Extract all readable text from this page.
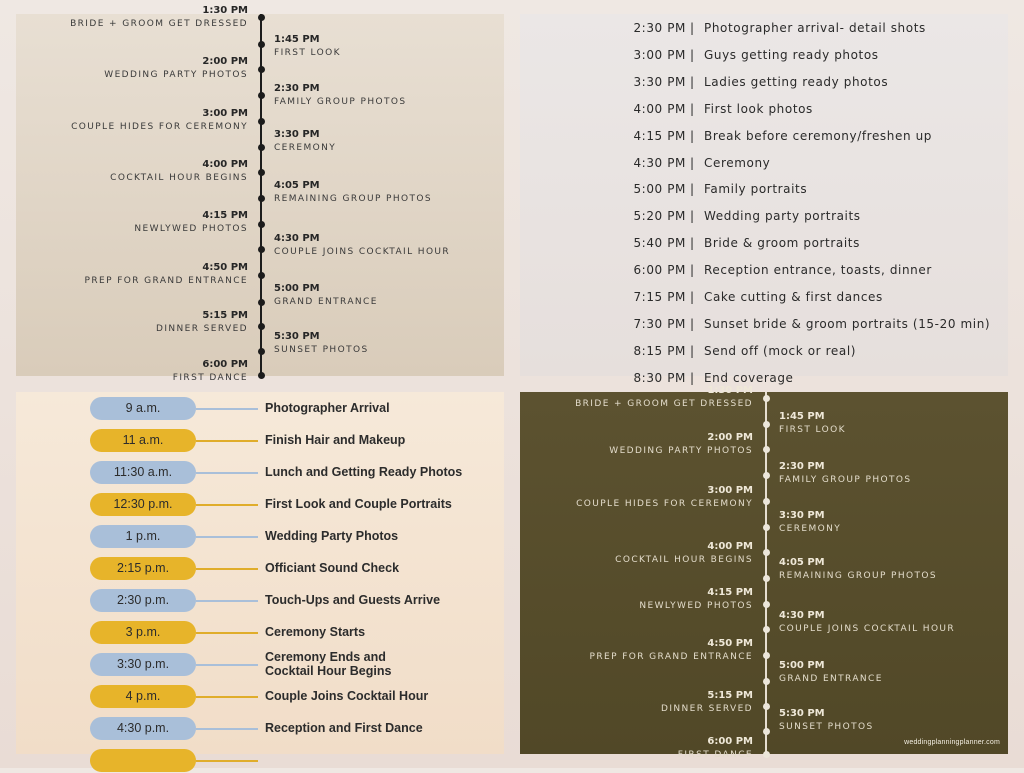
1:30 PM
BRIDE + GROOM GET DRESSED
2:00 PM
WEDDING PARTY PHOTOS
3:00 PM
COUPLE HIDES FOR CEREMONY
4:00 PM
COCKTAIL HOUR BEGINS
4:15 PM
NEWLYWED PHOTOS
4:50 PM
PREP FOR GRAND ENTRANCE
5:15 PM
DINNER SERVED
6:00 PM
FIRST DANCE
1:45 PM
FIRST LOOK
2:30 PM
FAMILY GROUP PHOTOS
3:30 PM
CEREMONY
4:05 PM
REMAINING GROUP PHOTOS
4:30 PM
COUPLE JOINS COCKTAIL HOUR
5:00 PM
GRAND ENTRANCE
5:30 PM
SUNSET PHOTOS
2:30 PM | Photographer arrival- detail shots
3:00 PM | Guys getting ready photos
3:30 PM | Ladies getting ready photos
4:00 PM | First look photos
4:15 PM | Break before ceremony/freshen up
4:30 PM | Ceremony
5:00 PM | Family portraits
5:20 PM | Wedding party portraits
5:40 PM | Bride & groom portraits
6:00 PM | Reception entrance, toasts, dinner
7:15 PM | Cake cutting & first dances
7:30 PM | Sunset bride & groom portraits (15-20 min)
8:15 PM | Send off (mock or real)
8:30 PM | End coverage
9 a.m.	Photographer Arrival
11 a.m.	Finish Hair and Makeup
11:30 a.m.	Lunch and Getting Ready Photos
12:30 p.m.	First Look and Couple Portraits
1 p.m.	Wedding Party Photos
2:15 p.m.	Officiant Sound Check
2:30 p.m.	Touch-Ups and Guests Arrive
3 p.m.	Ceremony Starts
3:30 p.m.	Ceremony Ends and
Cocktail Hour Begins
4 p.m.	Couple Joins Cocktail Hour
4:30 p.m.	Reception and First Dance
weddingplanningplanner.com
1:30 PM
BRIDE + GROOM GET DRESSED
2:00 PM
WEDDING PARTY PHOTOS
3:00 PM
COUPLE HIDES FOR CEREMONY
4:00 PM
COCKTAIL HOUR BEGINS
4:15 PM
NEWLYWED PHOTOS
4:50 PM
PREP FOR GRAND ENTRANCE
5:15 PM
DINNER SERVED
6:00 PM
FIRST DANCE
1:45 PM
FIRST LOOK
2:30 PM
FAMILY GROUP PHOTOS
3:30 PM
CEREMONY
4:05 PM
REMAINING GROUP PHOTOS
4:30 PM
COUPLE JOINS COCKTAIL HOUR
5:00 PM
GRAND ENTRANCE
5:30 PM
SUNSET PHOTOS
